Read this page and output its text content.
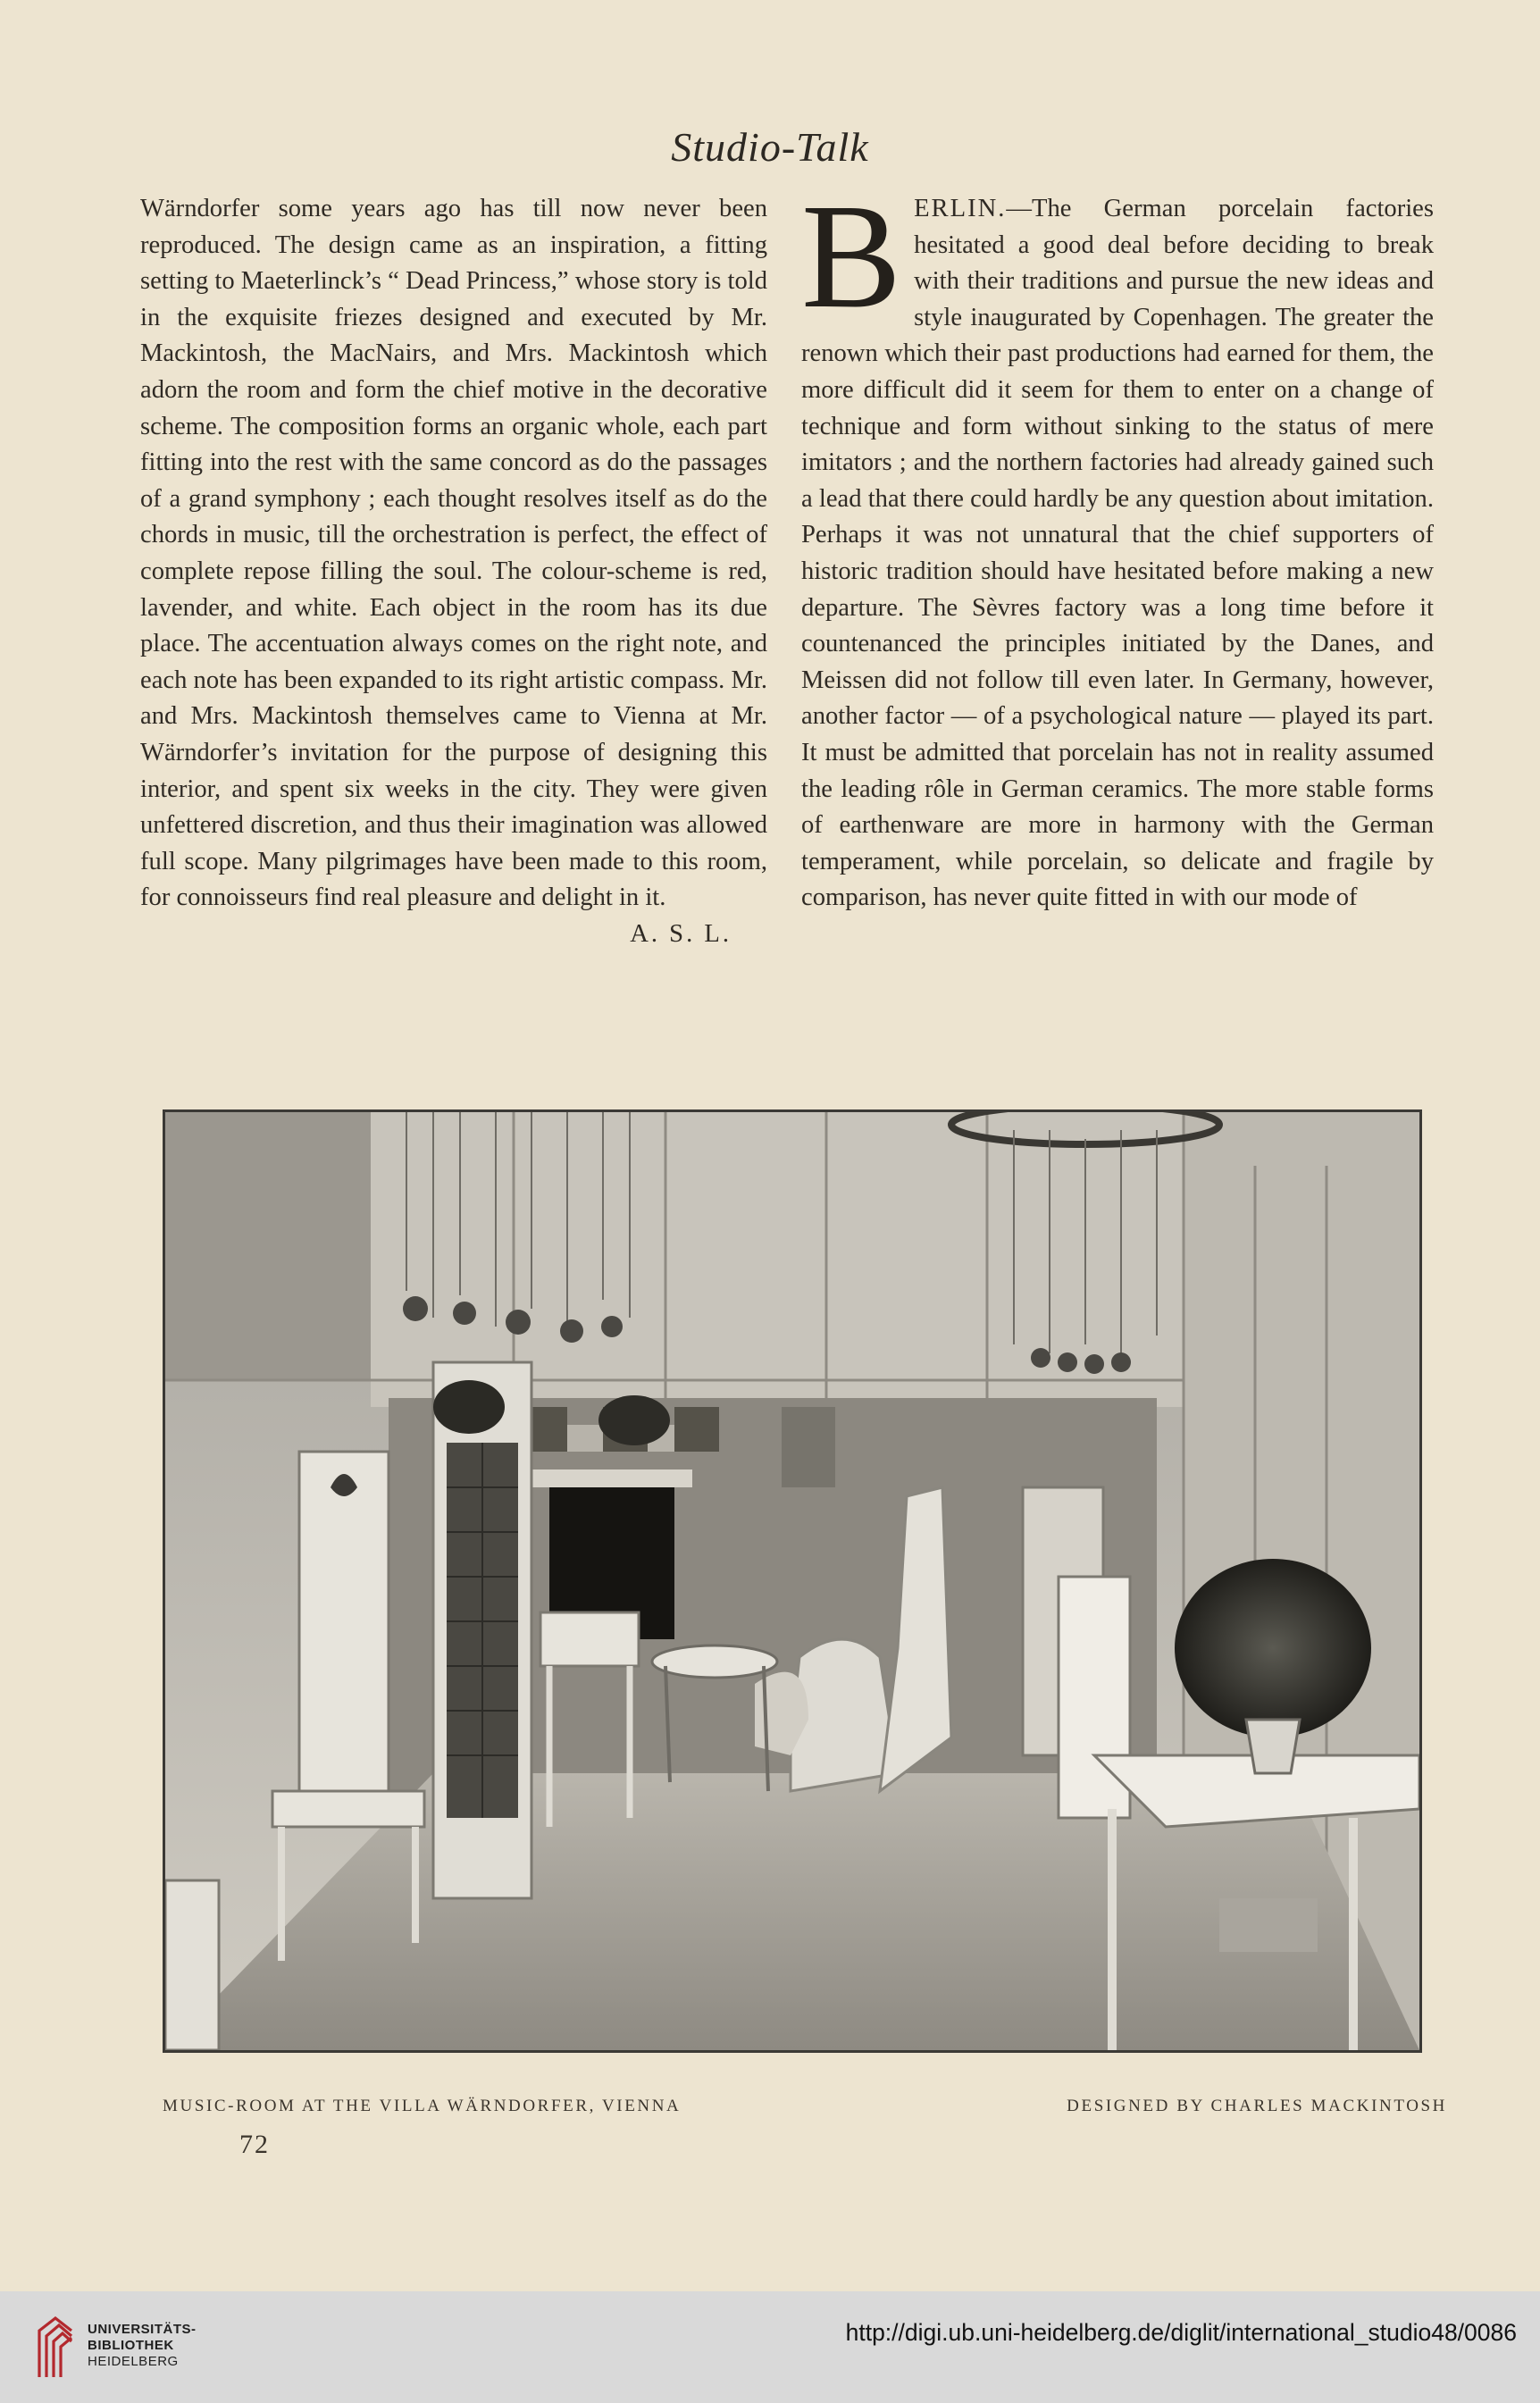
Studio-Talk

Wärndorfer some years ago has till now never been reproduced. The design came as an inspiration, a fitting setting to Maeterlinck’s “ Dead Princess,” whose story is told in the exquisite friezes designed and executed by Mr. Mackintosh, the MacNairs, and Mrs. Mackintosh which adorn the room and form the chief motive in the decorative scheme. The composition forms an organic whole, each part fitting into the rest with the same concord as do the passages of a grand symphony ; each thought resolves itself as do the chords in music, till the orchestration is perfect, the effect of complete repose filling the soul. The colour-scheme is red, lavender, and white. Each object in the room has its due place. The accentuation always comes on the right note, and each note has been expanded to its right artistic compass. Mr. and Mrs. Mackintosh themselves came to Vienna at Mr. Wärndorfer’s invitation for the purpose of designing this interior, and spent six weeks in the city. They were given unfettered discretion, and thus their imagination was allowed full scope. Many pilgrimages have been made to this room, for connoisseurs find real pleasure and delight in it.
A. S. L.

B ERLIN.—The German porcelain factories hesitated a good deal before deciding to break with their traditions and pursue the new ideas and style inaugurated by Copenhagen. The greater the renown which their past productions had earned for them, the more difficult did it seem for them to enter on a change of technique and form without sinking to the status of mere imitators ; and the northern factories had already gained such a lead that there could hardly be any question about imitation. Perhaps it was not unnatural that the chief supporters of historic tradition should have hesitated before making a new departure. The Sèvres factory was a long time before it countenanced the principles initiated by the Danes, and Meissen did not follow till even later. In Germany, however, another factor — of a psychological nature — played its part. It must be admitted that porcelain has not in reality assumed the leading rôle in German ceramics. The more stable forms of earthenware are more in harmony with the German temperament, while porcelain, so delicate and fragile by comparison, has never quite fitted in with our mode of

MUSIC-ROOM AT THE VILLA WÄRNDORFER, VIENNA	DESIGNED BY CHARLES MACKINTOSH
72
UNIVERSITÄTS-
BIBLIOTHEK
HEIDELBERG
http://digi.ub.uni-heidelberg.de/diglit/international_studio48/0086
